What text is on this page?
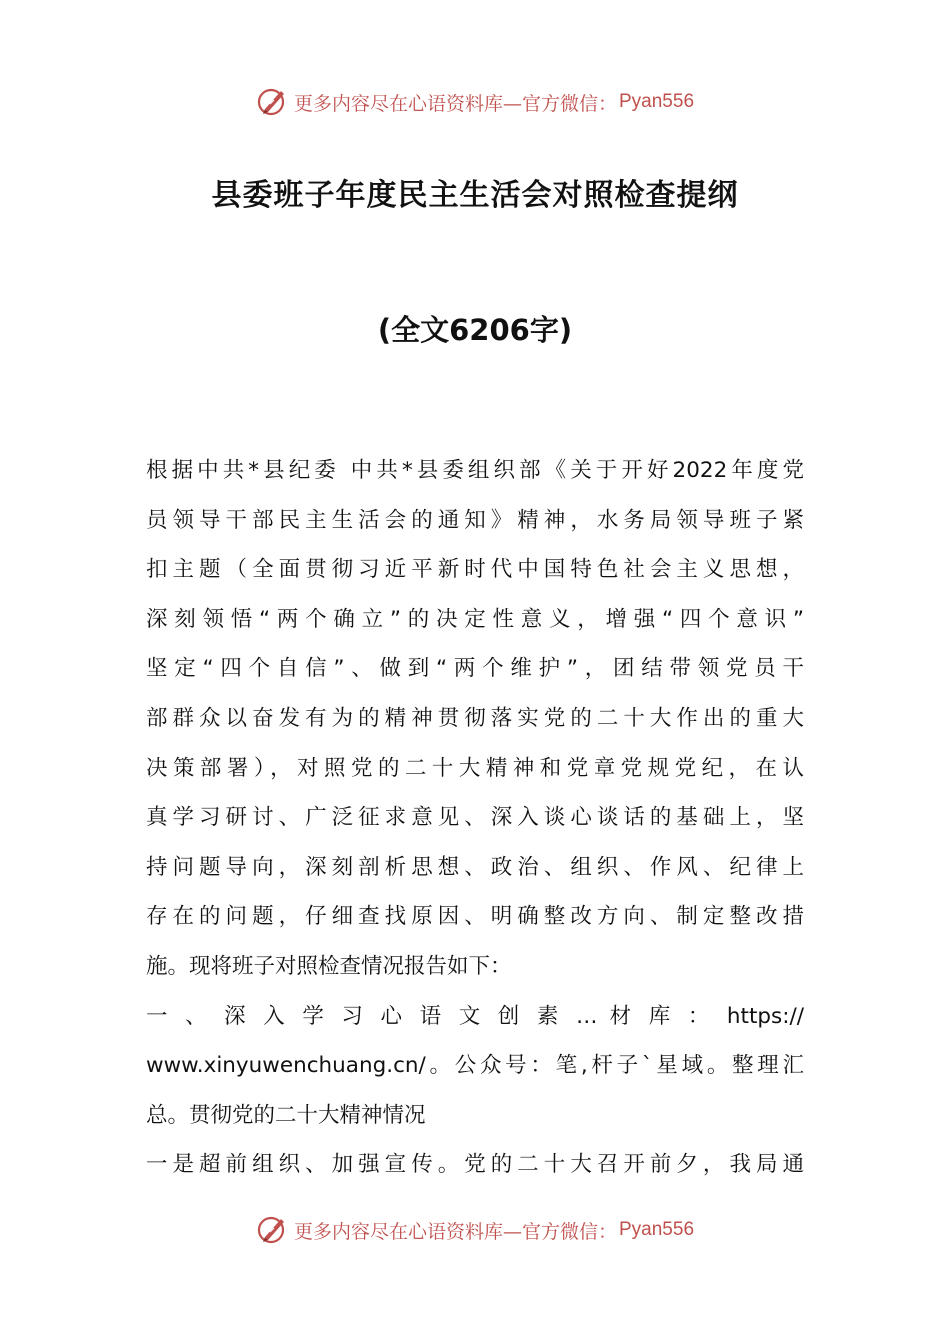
更多内容尽在心语资料库—官方微信： Pyan556
县委班子年度民主生活会对照检查提纲
(全文6206字)
根据中共*县纪委 中共*县委组织部《关于开好2022年度党
员领导干部民主生活会的通知》精神，水务局领导班子紧
扣主题（全面贯彻习近平新时代中国特色社会主义思想，
深刻领悟“两个确立”的决定性意义，增强“四个意识”
坚定“四个自信”、做到“两个维护”，团结带领党员干
部群众以奋发有为的精神贯彻落实党的二十大作出的重大
决策部署），对照党的二十大精神和党章党规党纪，在认
真学习研讨、广泛征求意见、深入谈心谈话的基础上，坚
持问题导向，深刻剖析思想、政治、组织、作风、纪律上
存在的问题，仔细查找原因、明确整改方向、制定整改措
施。现将班子对照检查情况报告如下：
一 、 深 入 学 习 心 语 文 创 素 … 材 库 ： https://
www.xinyuwenchuang.cn/。公众号：笔,杆子`星域。整理汇
总。贯彻党的二十大精神情况
一是超前组织、加强宣传。党的二十大召开前夕，我局通
更多内容尽在心语资料库—官方微信： Pyan556
